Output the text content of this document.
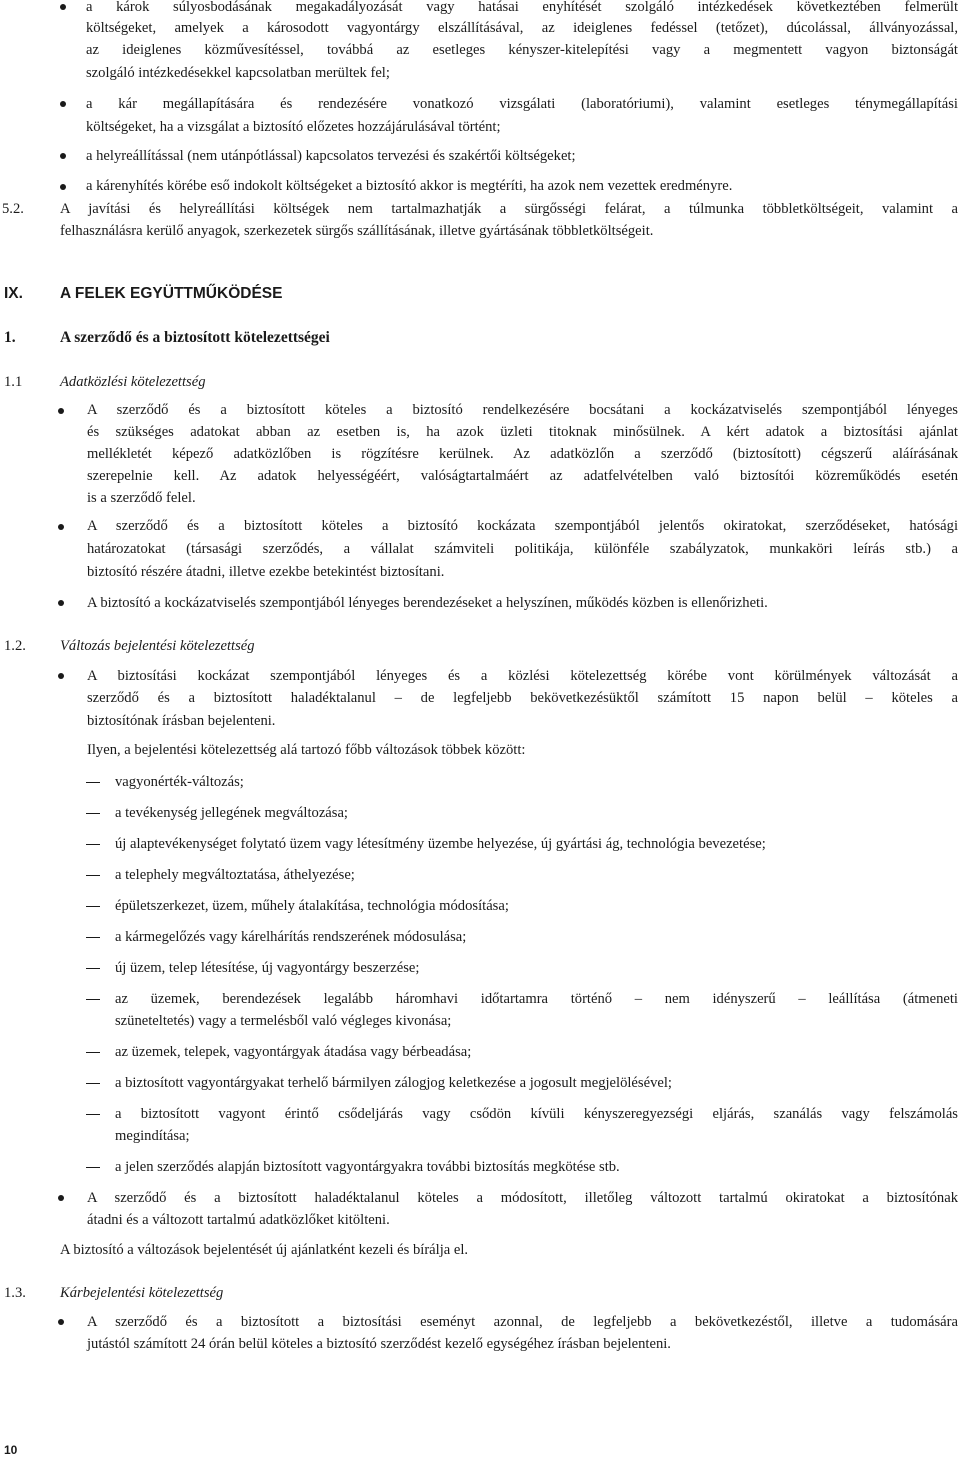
a károk súlyosbodásának megakadályozását vagy hatásai enyhítését szolgáló intézkedések következtében felmerült
költségeket, amelyek a károsodott vagyontárgy elszállításával, az ideiglenes fedéssel (tetőzet), dúcolással, állványozással,
az ideiglenes közművesítéssel, továbbá az esetleges kényszer-kitelepítési vagy a megmentett vagyon biztonságát
szolgáló intézkedésekkel kapcsolatban merültek fel;
a kár megállapítására és rendezésére vonatkozó vizsgálati (laboratóriumi), valamint esetleges ténymegállapítási
költségeket, ha a vizsgálat a biztosító előzetes hozzájárulásával történt;
a helyreállítással (nem utánpótlással) kapcsolatos tervezési és szakértői költségeket;
a kárenyhítés körébe eső indokolt költségeket a biztosító akkor is megtéríti, ha azok nem vezettek eredményre.
5.2. A javítási és helyreállítási költségek nem tartalmazhatják a sürgősségi felárat, a túlmunka többletköltségeit, valamint a
felhasználásra kerülő anyagok, szerkezetek sürgős szállításának, illetve gyártásának többletköltségeit.
IX. A FELEK EGYÜTTMŰKÖDÉSE
1.	A szerződő és a biztosított kötelezettségei
1.1	Adatközlési kötelezettség
A szerződő és a biztosított köteles a biztosító rendelkezésére bocsátani a kockázatviselés szempontjából lényeges
és szükséges adatokat abban az esetben is, ha azok üzleti titoknak minősülnek. A kért adatok a biztosítási ajánlat
mellékletét képező adatközlőben is rögzítésre kerülnek. Az adatközlőn a szerződő (biztosított) cégszerű aláírásának
szerepelnie kell. Az adatok helyességéért, valóságtartalmáért az adatfelvételben való biztosítói közreműködés esetén
is a szerződő felel.
A szerződő és a biztosított köteles a biztosító kockázata szempontjából jelentős okiratokat, szerződéseket, hatósági
határozatokat (társasági szerződés, a vállalat számviteli politikája, különféle szabályzatok, munkaköri leírás stb.) a
biztosító részére átadni, illetve ezekbe betekintést biztosítani.
A biztosító a kockázatviselés szempontjából lényeges berendezéseket a helyszínen, működés közben is ellenőrizheti.
1.2. Változás bejelentési kötelezettség
A biztosítási kockázat szempontjából lényeges és a közlési kötelezettség körébe vont körülmények változását a
szerződő és a biztosított haladéktalanul – de legfeljebb bekövetkezésüktől számított 15 napon belül – köteles a
biztosítónak írásban bejelenteni.
Ilyen, a bejelentési kötelezettség alá tartozó főbb változások többek között:
vagyonérték-változás;
a tevékenység jellegének megváltozása;
új alaptevékenységet folytató üzem vagy létesítmény üzembe helyezése, új gyártási ág, technológia bevezetése;
a telephely megváltoztatása, áthelyezése;
épületszerkezet, üzem, műhely átalakítása, technológia módosítása;
a kármegelőzés vagy kárelhárítás rendszerének módosulása;
új üzem, telep létesítése, új vagyontárgy beszerzése;
az üzemek, berendezések legalább háromhavi időtartamra történő – nem idényszerű – leállítása (átmeneti
szüneteltetés) vagy a termelésből való végleges kivonása;
az üzemek, telepek, vagyontárgyak átadása vagy bérbeadása;
a biztosított vagyontárgyakat terhelő bármilyen zálogjog keletkezése a jogosult megjelölésével;
a biztosított vagyont érintő csődeljárás vagy csődön kívüli kényszeregyezségi eljárás, szanálás vagy felszámolás
megindítása;
a jelen szerződés alapján biztosított vagyontárgyakra további biztosítás megkötése stb.
A szerződő és a biztosított haladéktalanul köteles a módosított, illetőleg változott tartalmú okiratokat a biztosítónak
átadni és a változott tartalmú adatközlőket kitölteni.
A biztosító a változások bejelentését új ajánlatként kezeli és bírálja el.
1.3. Kárbejelentési kötelezettség
A szerződő és a biztosított a biztosítási eseményt azonnal, de legfeljebb a bekövetkezéstől, illetve a tudomására
jutástól számított 24 órán belül köteles a biztosító szerződést kezelő egységéhez írásban bejelenteni.
10
